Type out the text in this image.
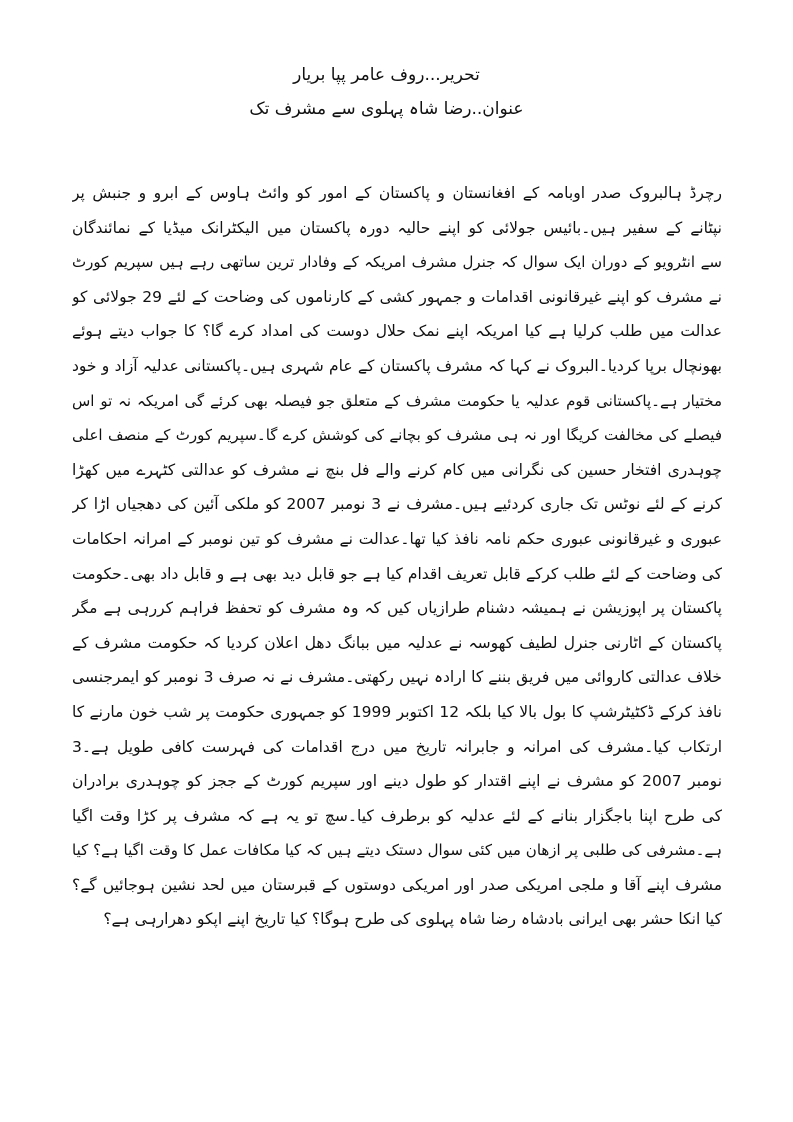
تحریر...روف عامر پپا بریار
عنوان..رضا شاہ پہلوی سے مشرف تک
رچرڈ ہالبروک صدر اوبامہ کے افغانستان و پاکستان کے امور کو وائٹ ہاوس کے ابرو و جنبش پر
نپٹانے کے سفیر ہیں۔بائیس جولائی کو اپنے حالیہ دورہ پاکستان میں الیکٹرانک میڈیا کے نمائندگان
سے انٹرویو کے دوران ایک سوال کہ جنرل مشرف امریکہ کے وفادار ترین ساتھی رہے ہیں سپریم کورٹ
نے مشرف کو اپنے غیرقانونی اقدامات و جمہور کشی کے کارناموں کی وضاحت کے لئے 29 جولائی کو
عدالت میں طلب کرلیا ہے کیا امریکہ اپنے نمک حلال دوست کی امداد کرے گا؟ کا جواب دیتے ہوئے
بھونچال برپا کردیا۔البروک نے کہا کہ مشرف پاکستان کے عام شہری ہیں۔پاکستانی عدلیہ آزاد و خود
مختیار ہے۔پاکستانی قوم عدلیہ یا حکومت مشرف کے متعلق جو فیصلہ بھی کرئے گی امریکہ نہ تو اس
فیصلے کی مخالفت کریگا اور نہ ہی مشرف کو بچانے کی کوشش کرے گا۔سپریم کورٹ کے منصف اعلی
چوہدری افتخار حسین کی نگرانی میں کام کرنے والے فل بنچ نے مشرف کو عدالتی کٹہرے میں کھڑا
کرنے کے لئے نوٹس تک جاری کردئیے ہیں۔مشرف نے 3 نومبر 2007 کو ملکی آئین کی دھجیاں اڑا کر
عبوری و غیرقانونی عبوری حکم نامہ نافذ کیا تھا۔عدالت نے مشرف کو تین نومبر کے امرانہ احکامات
کی وضاحت کے لئے طلب کرکے قابل تعریف اقدام کیا ہے جو قابل دید بھی ہے و قابل داد بھی۔حکومت
پاکستان پر اپوزیشن نے ہمیشہ دشنام طرازیاں کیں کہ وہ مشرف کو تحفظ فراہم کررہی ہے مگر
پاکستان کے اٹارنی جنرل لطیف کھوسہ نے عدلیہ میں ببانگ دھل اعلان کردیا کہ حکومت مشرف کے
خلاف عدالتی کاروائی میں فریق بننے کا ارادہ نہیں رکھتی۔مشرف نے نہ صرف 3 نومبر کو ایمرجنسی
نافذ کرکے ڈکٹیٹرشپ کا بول بالا کیا بلکہ 12 اکتوبر 1999 کو جمہوری حکومت پر شب خون مارنے کا
ارتکاب کیا۔مشرف کی امرانہ و جابرانہ تاریخ میں درج اقدامات کی فہرست کافی طویل ہے۔3
نومبر 2007 کو مشرف نے اپنے اقتدار کو طول دینے اور سپریم کورٹ کے ججز کو چوہدری برادران
کی طرح اپنا باجگزار بنانے کے لئے عدلیہ کو برطرف کیا۔سچ تو یہ ہے کہ مشرف پر کڑا وقت اگیا
ہے۔مشرفی کی طلبی پر ازھان میں کئی سوال دستک دیتے ہیں کہ کیا مکافات عمل کا وقت اگیا ہے؟ کیا
مشرف اپنے آقا و ملجی امریکی صدر اور امریکی دوستوں کے قبرستان میں لحد نشین ہوجائیں گے؟
کیا انکا حشر بھی ایرانی بادشاہ رضا شاہ پہلوی کی طرح ہوگا؟ کیا تاریخ اپنے اپکو دھرارہی ہے؟
